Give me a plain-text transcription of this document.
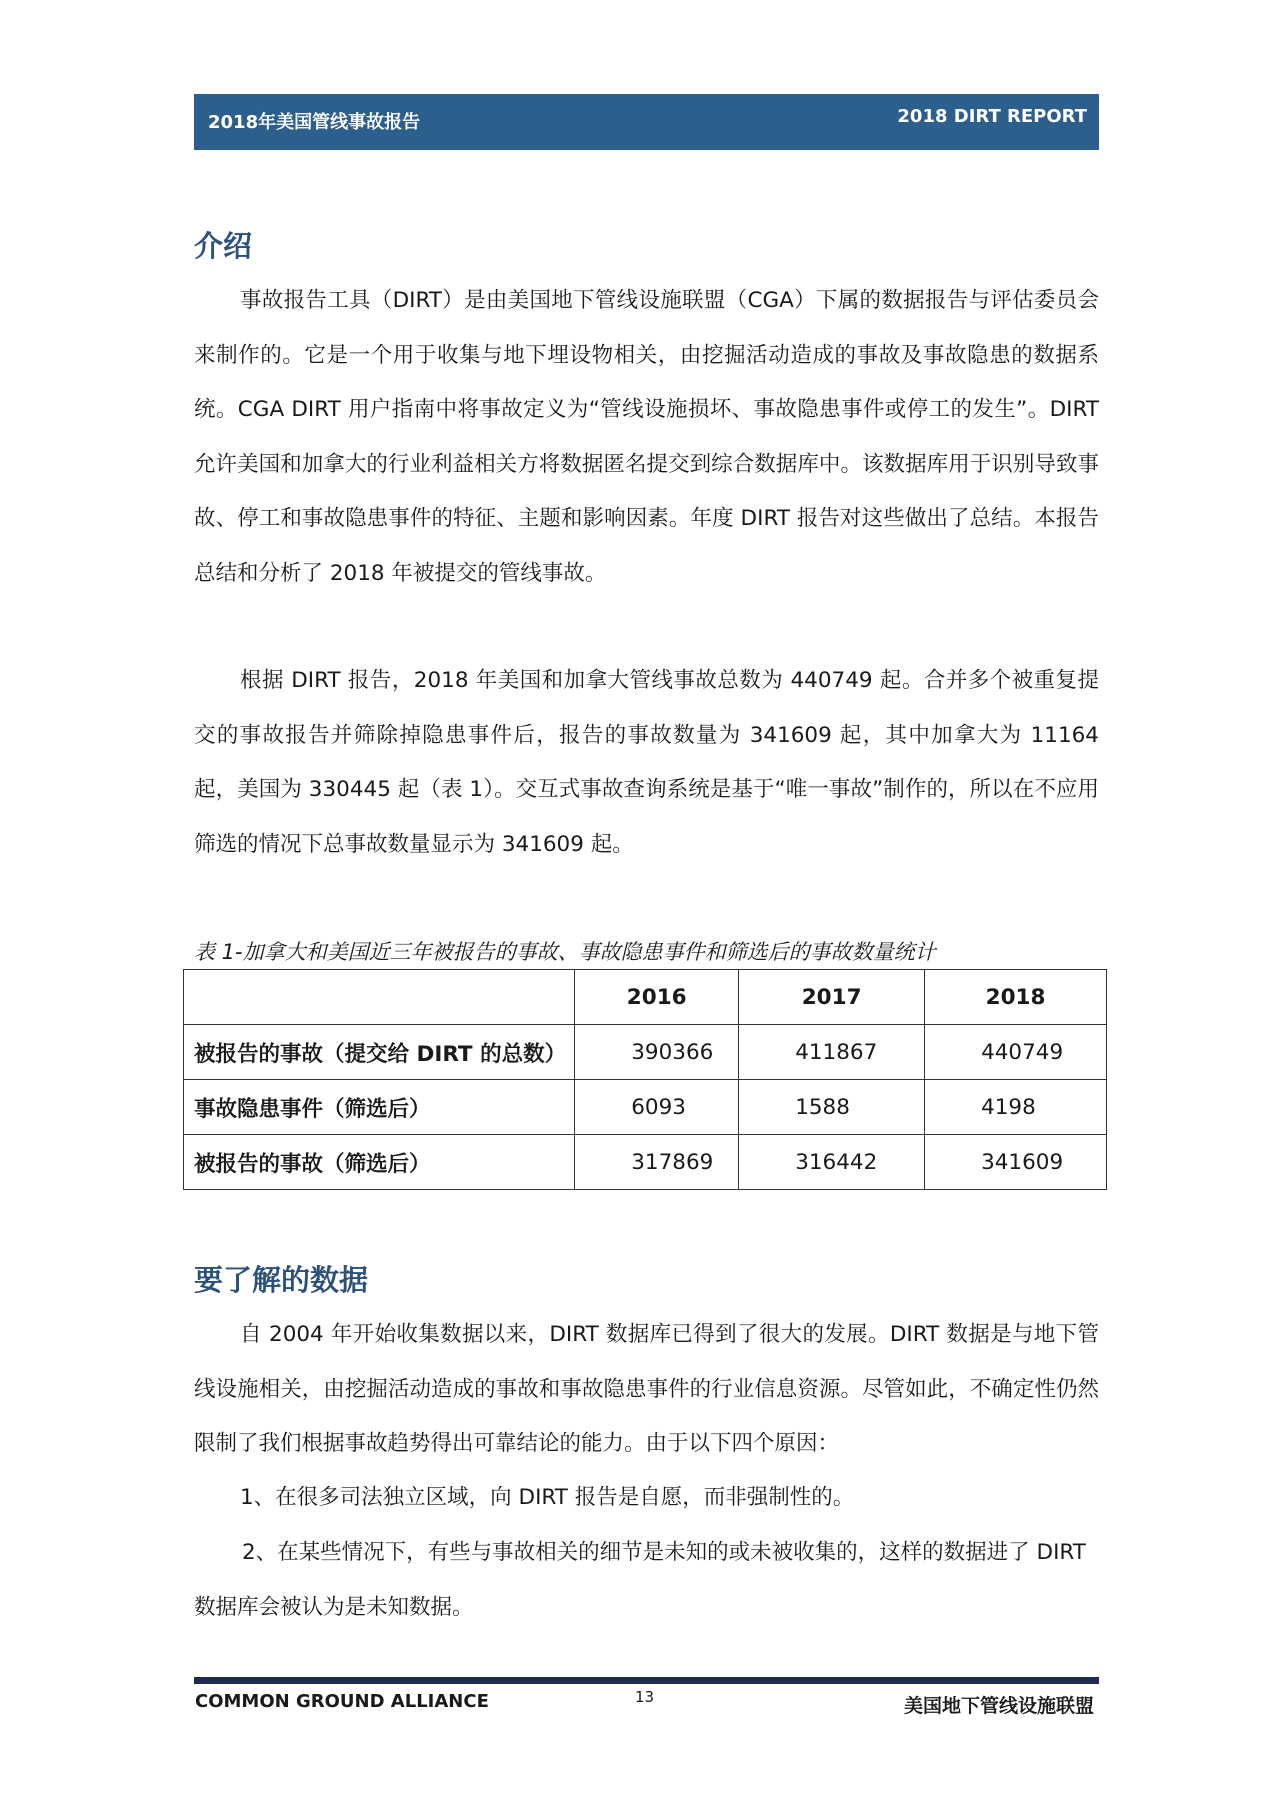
2018年美国管线事故报告	2018 DIRT REPORT
介绍

事故报告工具（DIRT）是由美国地下管线设施联盟（CGA）下属的数据报告与评估委员会来制作的。它是一个用于收集与地下埋设物相关，由挖掘活动造成的事故及事故隐患的数据系统。CGA DIRT 用户指南中将事故定义为“管线设施损坏、事故隐患事件或停工的发生”。DIRT 允许美国和加拿大的行业利益相关方将数据匿名提交到综合数据库中。该数据库用于识别导致事故、停工和事故隐患事件的特征、主题和影响因素。年度 DIRT 报告对这些做出了总结。本报告总结和分析了 2018 年被提交的管线事故。

根据 DIRT 报告，2018 年美国和加拿大管线事故总数为 440749 起。合并多个被重复提交的事故报告并筛除掉隐患事件后，报告的事故数量为 341609 起，其中加拿大为 11164 起，美国为 330445 起（表 1）。交互式事故查询系统是基于“唯一事故”制作的，所以在不应用筛选的情况下总事故数量显示为 341609 起。

表 1-加拿大和美国近三年被报告的事故、事故隐患事件和筛选后的事故数量统计

	2016	2017	2018
被报告的事故（提交给 DIRT 的总数）	390366	411867	440749
事故隐患事件（筛选后）	6093	1588	4198
被报告的事故（筛选后）	317869	316442	341609
要了解的数据

自 2004 年开始收集数据以来，DIRT 数据库已得到了很大的发展。DIRT 数据是与地下管线设施相关，由挖掘活动造成的事故和事故隐患事件的行业信息资源。尽管如此，不确定性仍然限制了我们根据事故趋势得出可靠结论的能力。由于以下四个原因：

1、在很多司法独立区域，向 DIRT 报告是自愿，而非强制性的。

2、在某些情况下，有些与事故相关的细节是未知的或未被收集的，这样的数据进了 DIRT 数据库会被认为是未知数据。

COMMON GROUND ALLIANCE	13	美国地下管线设施联盟
